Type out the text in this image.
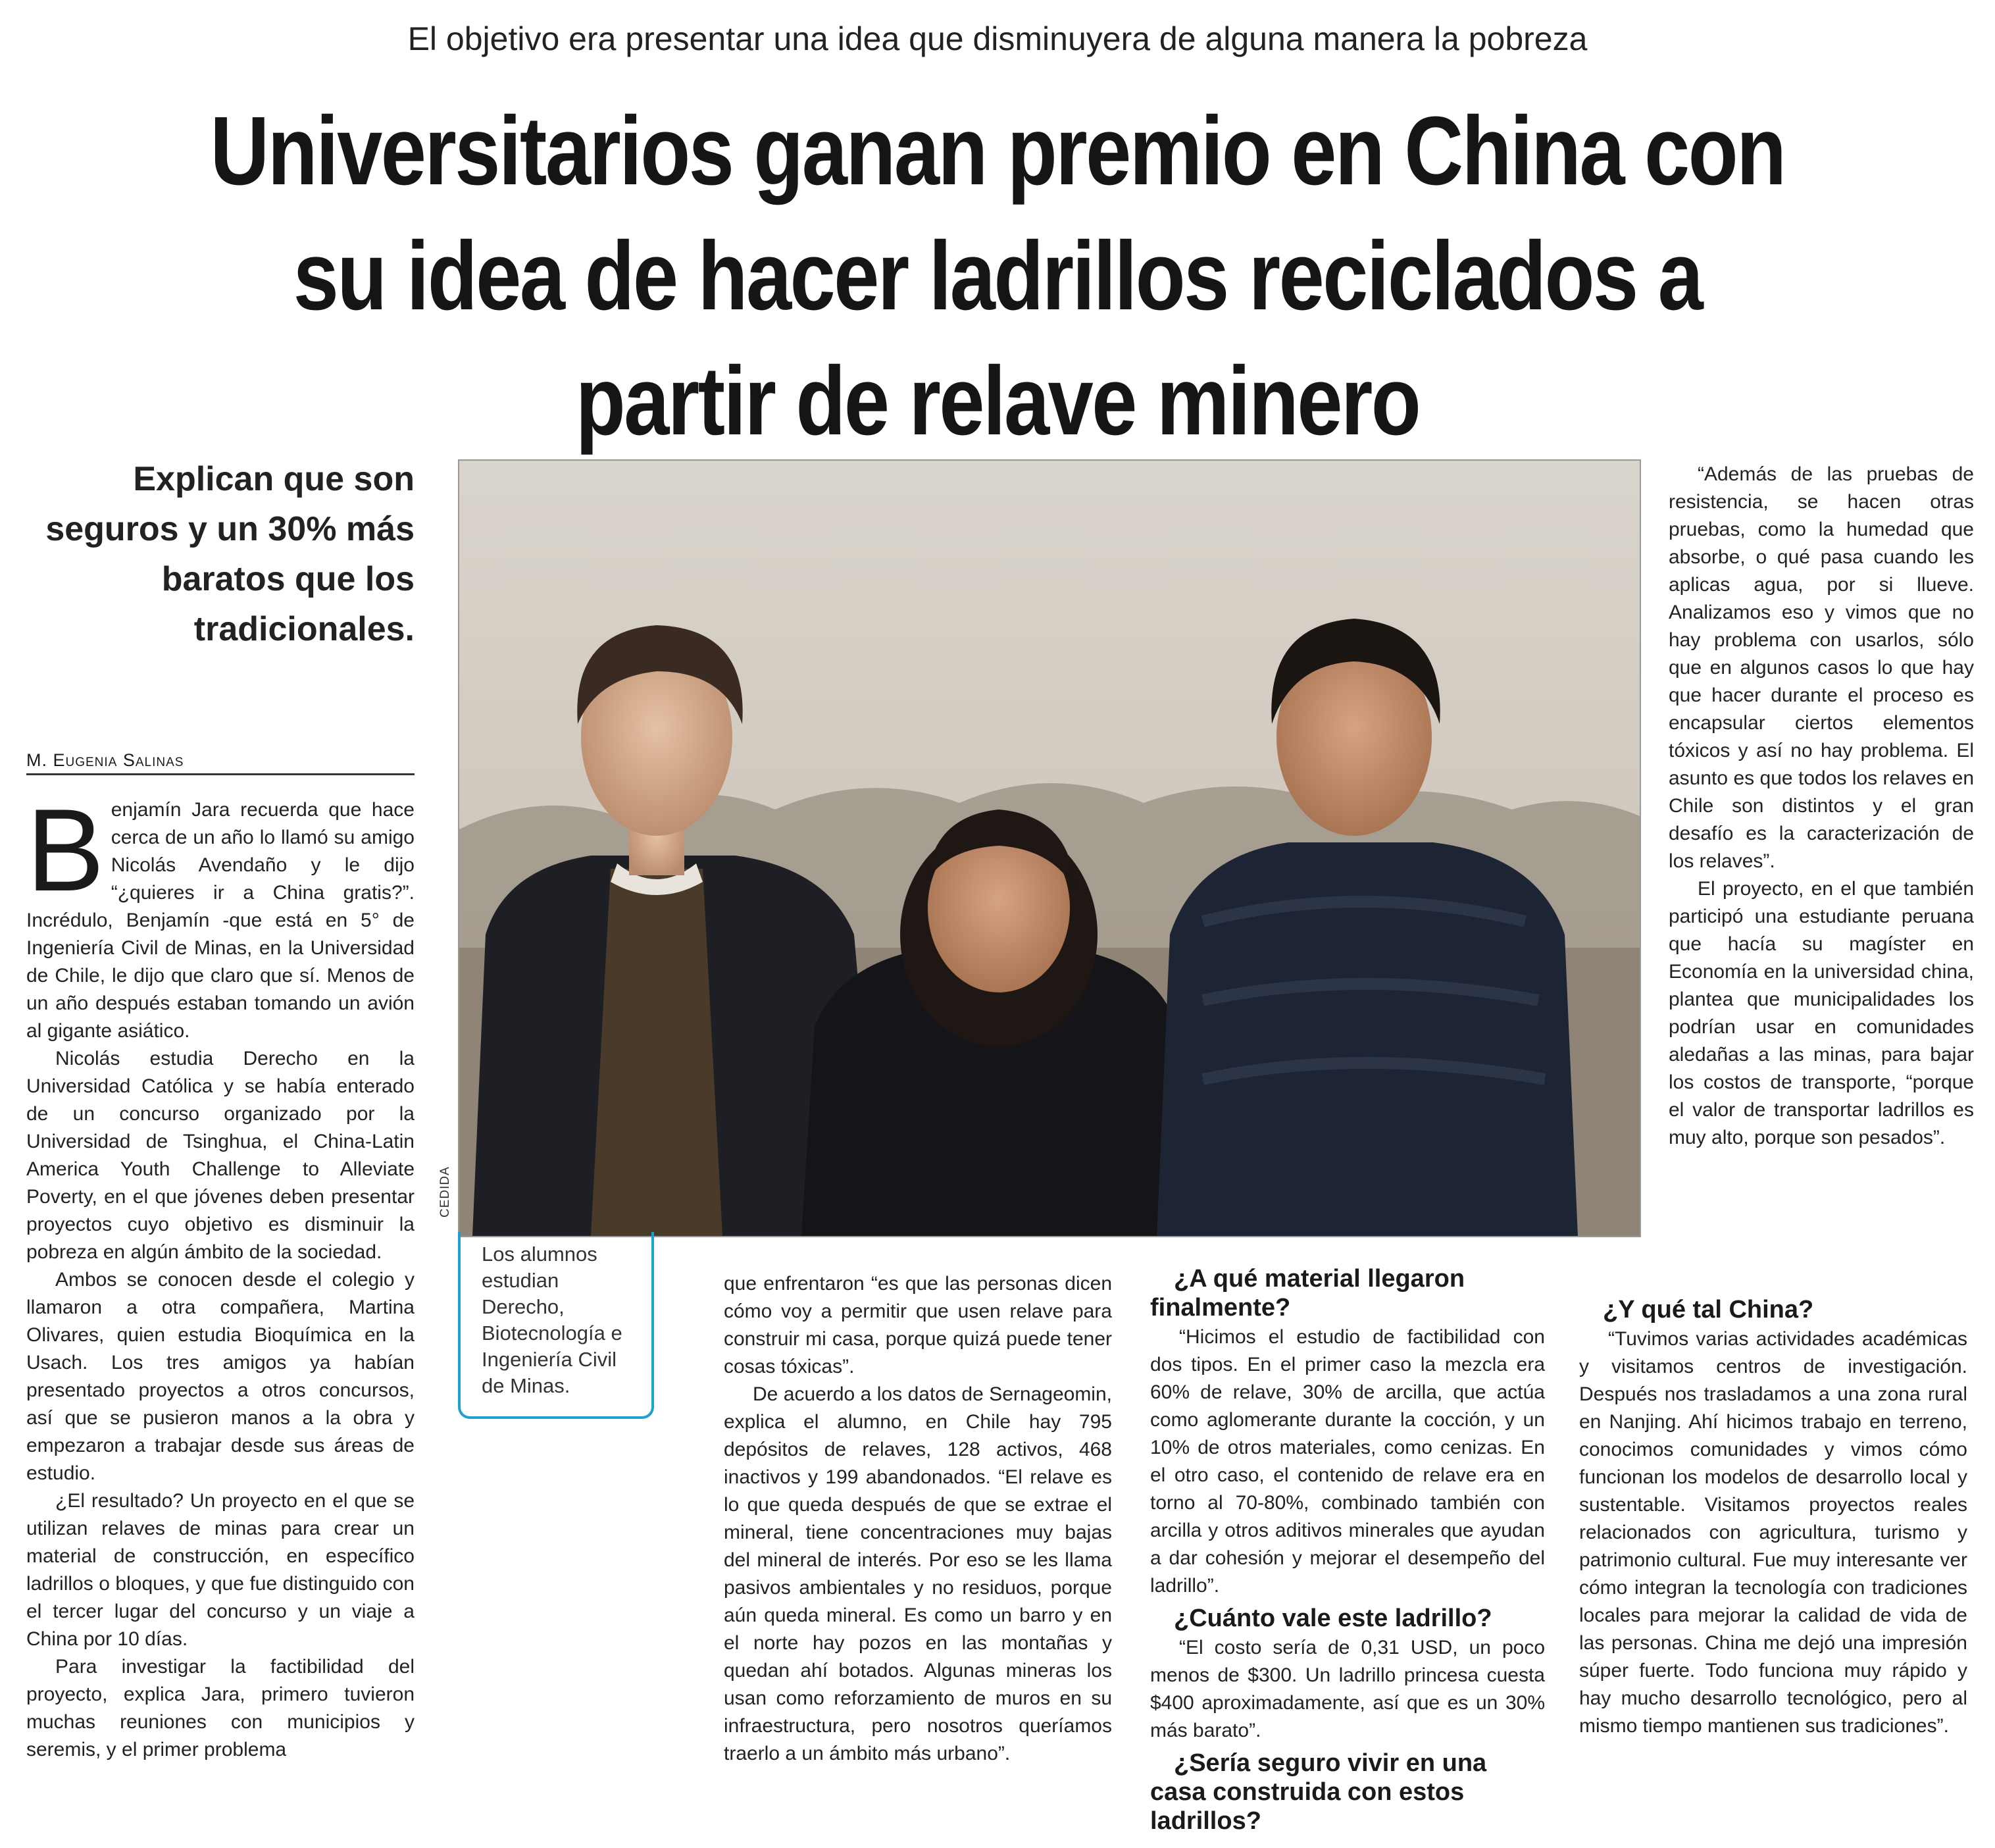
El objetivo era presentar una idea que disminuyera de alguna manera la pobreza
Universitarios ganan premio en China con
su idea de hacer ladrillos reciclados a
partir de relave minero
Explican que son seguros y un 30% más baratos que los tradicionales.
M. Eugenia Salinas

Benjamín Jara recuerda que hace cerca de un año lo llamó su amigo Nicolás Avendaño y le dijo “¿quieres ir a China gratis?”. Incrédulo, Benjamín -que está en 5° de Ingeniería Civil de Minas, en la Universidad de Chile, le dijo que claro que sí. Menos de un año después estaban tomando un avión al gigante asiático.

Nicolás estudia Derecho en la Universidad Católica y se había enterado de un concurso organizado por la Universidad de Tsinghua, el China-Latin America Youth Challenge to Alleviate Poverty, en el que jóvenes deben presentar proyectos cuyo objetivo es disminuir la pobreza en algún ámbito de la sociedad.

Ambos se conocen desde el colegio y llamaron a otra compañera, Martina Olivares, quien estudia Bioquímica en la Usach. Los tres amigos ya habían presentado proyectos a otros concursos, así que se pusieron manos a la obra y empezaron a trabajar desde sus áreas de estudio.

¿El resultado? Un proyecto en el que se utilizan relaves de minas para crear un material de construcción, en específico ladrillos o bloques, y que fue distinguido con el tercer lugar del concurso y un viaje a China por 10 días.

Para investigar la factibilidad del proyecto, explica Jara, primero tuvieron muchas reuniones con municipios y seremis, y el primer problema

CEDIDA
Los alumnos estudian Derecho, Biotecnología e Ingeniería Civil de Minas.

que enfrentaron “es que las personas dicen cómo voy a permitir que usen relave para construir mi casa, porque quizá puede tener cosas tóxicas”.

De acuerdo a los datos de Sernageomin, explica el alumno, en Chile hay 795 depósitos de relaves, 128 activos, 468 inactivos y 199 abandonados. “El relave es lo que queda después de que se extrae el mineral, tiene concentraciones muy bajas del mineral de interés. Por eso se les llama pasivos ambientales y no residuos, porque aún queda mineral. Es como un barro y en el norte hay pozos en las montañas y quedan ahí botados. Algunas mineras los usan como reforzamiento de muros en su infraestructura, pero nosotros queríamos traerlo a un ámbito más urbano”.

¿A qué material llegaron finalmente?

“Hicimos el estudio de factibilidad con dos tipos. En el primer caso la mezcla era 60% de relave, 30% de arcilla, que actúa como aglomerante durante la cocción, y un 10% de otros materiales, como cenizas. En el otro caso, el contenido de relave era en torno al 70-80%, combinado también con arcilla y otros aditivos minerales que ayudan a dar cohesión y mejorar el desempeño del ladrillo”.

¿Cuánto vale este ladrillo?

“El costo sería de 0,31 USD, un poco menos de $300. Un ladrillo princesa cuesta $400 aproximadamente, así que es un 30% más barato”.

¿Sería seguro vivir en una casa construida con estos ladrillos?

“Además de las pruebas de resistencia, se hacen otras pruebas, como la humedad que absorbe, o qué pasa cuando les aplicas agua, por si llueve. Analizamos eso y vimos que no hay problema con usarlos, sólo que en algunos casos lo que hay que hacer durante el proceso es encapsular ciertos elementos tóxicos y así no hay problema. El asunto es que todos los relaves en Chile son distintos y el gran desafío es la caracterización de los relaves”.

El proyecto, en el que también participó una estudiante peruana que hacía su magíster en Economía en la universidad china, plantea que municipalidades los podrían usar en comunidades aledañas a las minas, para bajar los costos de transporte, “porque el valor de transportar ladrillos es muy alto, porque son pesados”.

¿Y qué tal China?

“Tuvimos varias actividades académicas y visitamos centros de investigación. Después nos trasladamos a una zona rural en Nanjing. Ahí hicimos trabajo en terreno, conocimos comunidades y vimos cómo funcionan los modelos de desarrollo local y sustentable. Visitamos proyectos reales relacionados con agricultura, turismo y patrimonio cultural. Fue muy interesante ver cómo integran la tecnología con tradiciones locales para mejorar la calidad de vida de las personas. China me dejó una impresión súper fuerte. Todo funciona muy rápido y hay mucho desarrollo tecnológico, pero al mismo tiempo mantienen sus tradiciones”.
